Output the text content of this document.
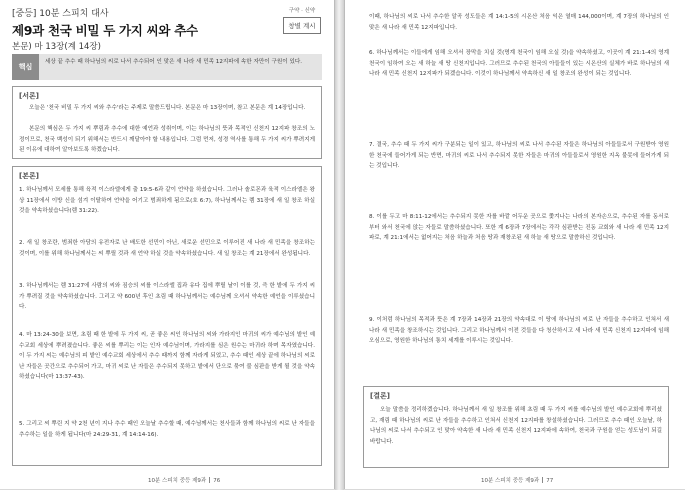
[중등] 10분 스피치 대사
제9과 천국 비밀 두 가지 씨와 추수
본문) 마 13장(계 14장)
구약 · 신약
창별 계시
핵심
세상 끝 추수 때 하나님의 씨로 나서 추수되어 인 맞은 새 나라 새 민족 12지파에 속한 자만이 구원이 있다.
[서론]
오늘은 '천국 비밀 두 가지 씨와 추수'라는 주제로 말씀드립니다. 본문은 마 13장이며, 참고 본문은 계 14장입니다.
본문의 핵심은 두 가지 씨 뿌림과 추수에 대한 예언과 성취이며, 이는 하나님의 뜻과 목적인 신천지 12지파 창조의 노정이므로, 천국 백성이 되기 위해서는 반드시 깨달아야 할 내용입니다. 그럼 먼저, 성경 역사를 통해 두 가지 씨가 뿌려지게 된 이유에 대하여 알아보도록 하겠습니다.
[본론]
1. 하나님께서 모세를 통해 육적 이스라엘에게 출 19:5-6과 같이 언약을 하셨습니다. 그러나 솔로몬과 육적 이스라엘은 왕상 11장에서 이방 신을 섬겨 이탈하여 언약을 어기고 범죄하게 됨으로(호 6:7), 하나님께서는 렘 31장에 새 일 창조 하실 것을 약속하셨습니다(렘 31:22).
2. 새 일 창조란, 범죄한 아담의 유전자로 난 배도한 선민이 아닌, 새로운 선민으로 이루어진 새 나라 새 민족을 창조하는 것이며, 이를 위해 하나님께서는 씨 뿌릴 것과 새 언약 하실 것을 약속하셨습니다. 새 일 창조는 계 21장에서 완성됩니다.
3. 하나님께서는 렘 31:27에 사람의 씨와 짐승의 씨를 이스라엘 집과 유다 집에 뿌릴 날이 이를 것, 즉 한 밭에 두 가지 씨가 뿌려질 것을 약속하셨습니다. 그리고 약 600년 후인 초림 때 하나님께서는 예수님께 오셔서 약속한 예언을 이루셨습니다.
4. 마 13:24-30을 보면, 초림 때 한 밭에 두 가지 씨, 곧 좋은 씨인 하나님의 씨와 가라지인 마귀의 씨가 예수님의 밭인 예수교회 세상에 뿌려졌습니다. 좋은 씨를 뿌리는 이는 인자 예수님이며, 가라지를 심은 원수는 마귀라 하며 목자였습니다. 이 두 가지 씨는 예수님의 피 밭인 예수교회 세상에서 추수 때까지 함께 자라게 되었고, 추수 때인 세상 끝에 하나님의 씨로 난 자들은 곳간으로 추수되어 가고, 마귀 씨로 난 자들은 추수되지 못하고 밭에서 단으로 묶여 불 심판을 받게 될 것을 약속하셨습니다(마 13:37-43).
5. 그리고 씨 뿌린 지 약 2천 년이 지나 추수 때인 오늘날 추수할 때, 예수님께서는 천사들과 함께 하나님의 씨로 난 자들을 추수하는 일을 하게 됩니다(마 24:29-31, 계 14:14-16).
10분 스피치 중등 제9과 76
이때, 하나님의 씨로 나서 추수한 알곡 성도들은 계 14:1-5의 시온산 처음 익은 열매 144,000이며, 계 7장의 하나님의 인 맞은 새 나라 새 민족 12지파입니다.
6. 하나님께서는 이들에게 임해 오셔서 장막을 치실 것(명계 천국이 임해 오실 것)을 약속하셨고, 이곳이 계 21:1-4의 영계 천국이 임하여 오는 새 하늘 새 땅 신천지입니다. 그러므로 추수된 천국의 아들들이 있는 시온산의 실체가 바로 하나님의 새 나라 새 민족 신천지 12지파가 되겠습니다. 이것이 하나님께서 약속하신 새 일 창조의 완성이 되는 것입니다.
7. 결국, 추수 때 두 가지 씨가 구분되는 일이 있고, 하나님의 씨로 나서 추수된 자들은 하나님의 아들들로서 구원받아 영원한 천국에 들어가게 되는 반면, 마귀의 씨로 나서 추수되지 못한 자들은 마귀의 아들들로서 영원한 지옥 불못에 들어가게 되는 것입니다.
8. 이를 두고 마 8:11-12에서는 추수되지 못한 자를 바깥 어두운 곳으로 쫓겨나는 나라의 본자손으로, 추수된 자를 동서로부터 와서 천국에 앉는 자들로 말씀하셨습니다. 또한 계 6장과 7장에서는 각각 심판받는 진동 교회와 새 나라 새 민족 12지파로, 계 21:1에서는 없어지는 처음 하늘과 처음 땅과 재창조된 새 하늘 새 땅으로 말씀하신 것입니다.
9. 이처럼 하나님의 목적과 뜻은 계 7장과 14장과 21장의 약속대로 이 땅에 하나님의 씨로 난 자들을 추수하고 인쳐서 새 나라 새 민족을 창조하시는 것입니다. 그리고 하나님께서 이전 것들을 다 청산하시고 새 나라 새 민족 신천지 12지파에 임해 오심으로, 영원한 하나님의 통치 세계를 이루시는 것입니다.
[결론]
오늘 말씀을 정리하겠습니다. 하나님께서 새 일 창조를 위해 초림 때 두 가지 씨를 예수님의 밭인 예수교회에 뿌리셨고, 재림 때 하나님의 씨로 난 자들을 추수하고 인쳐서 신천지 12지파를 창설하셨습니다. 그러므로 추수 때인 오늘날, 하나님의 씨로 나서 추수되고 인 맞아 약속한 새 나라 새 민족 신천지 12지파에 속하여, 천국과 구원을 얻는 성도님이 되길 바랍니다.
10분 스피치 중등 제9과 77
